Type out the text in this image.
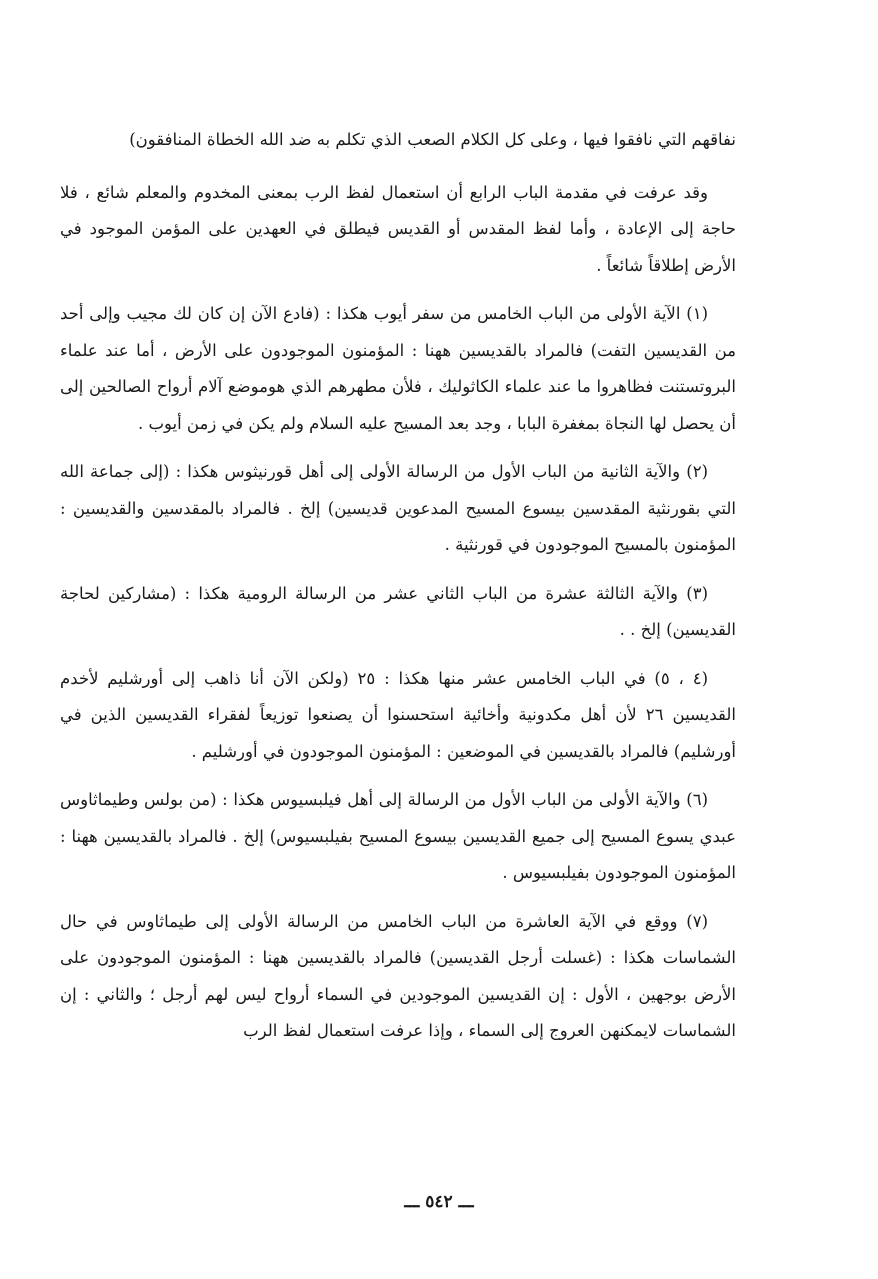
نفاقهم التي نافقوا فيها ، وعلى كل الكلام الصعب الذي تكلم به ضد الله الخطاة المنافقون)

وقد عرفت في مقدمة الباب الرابع أن استعمال لفظ الرب بمعنى المخدوم والمعلم شائع ، فلا حاجة إلى الإعادة ، وأما لفظ المقدس أو القديس فيطلق في العهدين على المؤمن الموجود في الأرض إطلاقاً شائعاً .

(١) الآية الأولى من الباب الخامس من سفر أيوب هكذا : (فادع الآن إن كان لك مجيب وإلى أحد من القديسين التفت) فالمراد بالقديسين ههنا : المؤمنون الموجودون على الأرض ، أما عند علماء البروتستنت فظاهروا ما عند علماء الكاثوليك ، فلأن مطهرهم الذي هوموضع آلام أرواح الصالحين إلى أن يحصل لها النجاة بمغفرة البابا ، وجد بعد المسيح عليه السلام ولم يكن في زمن أيوب .

(٢) والآية الثانية من الباب الأول من الرسالة الأولى إلى أهل قورنيثوس هكذا : (إلى جماعة الله التي بقورنثية المقدسين بيسوع المسيح المدعوين قديسين) إلخ . فالمراد بالمقدسين والقديسين : المؤمنون بالمسيح الموجودون في قورنثية .

(٣) والآية الثالثة عشرة من الباب الثاني عشر من الرسالة الرومية هكذا : (مشاركين لحاجة القديسين) إلخ . .

(٤ ، ٥) في الباب الخامس عشر منها هكذا : ٢٥ (ولكن الآن أنا ذاهب إلى أورشليم لأخدم القديسين ٢٦ لأن أهل مكدونية وأخائية استحسنوا أن يصنعوا توزيعاً لفقراء القديسين الذين في أورشليم) فالمراد بالقديسين في الموضعين : المؤمنون الموجودون في أورشليم .

(٦) والآية الأولى من الباب الأول من الرسالة إلى أهل فيلبسيوس هكذا : (من بولس وطيماثاوس عبدي يسوع المسيح إلى جميع القديسين بيسوع المسيح بفيلبسيوس) إلخ . فالمراد بالقديسين ههنا : المؤمنون الموجودون بفيلبسيوس .

(٧) ووقع في الآية العاشرة من الباب الخامس من الرسالة الأولى إلى طيماثاوس في حال الشماسات هكذا : (غسلت أرجل القديسين) فالمراد بالقديسين ههنا : المؤمنون الموجودون على الأرض بوجهين ، الأول : إن القديسين الموجودين في السماء أرواح ليس لهم أرجل ؛ والثاني : إن الشماسات لايمكنهن العروج إلى السماء ، وإذا عرفت استعمال لفظ الرب

ـــ ٥٤٢ ـــ
